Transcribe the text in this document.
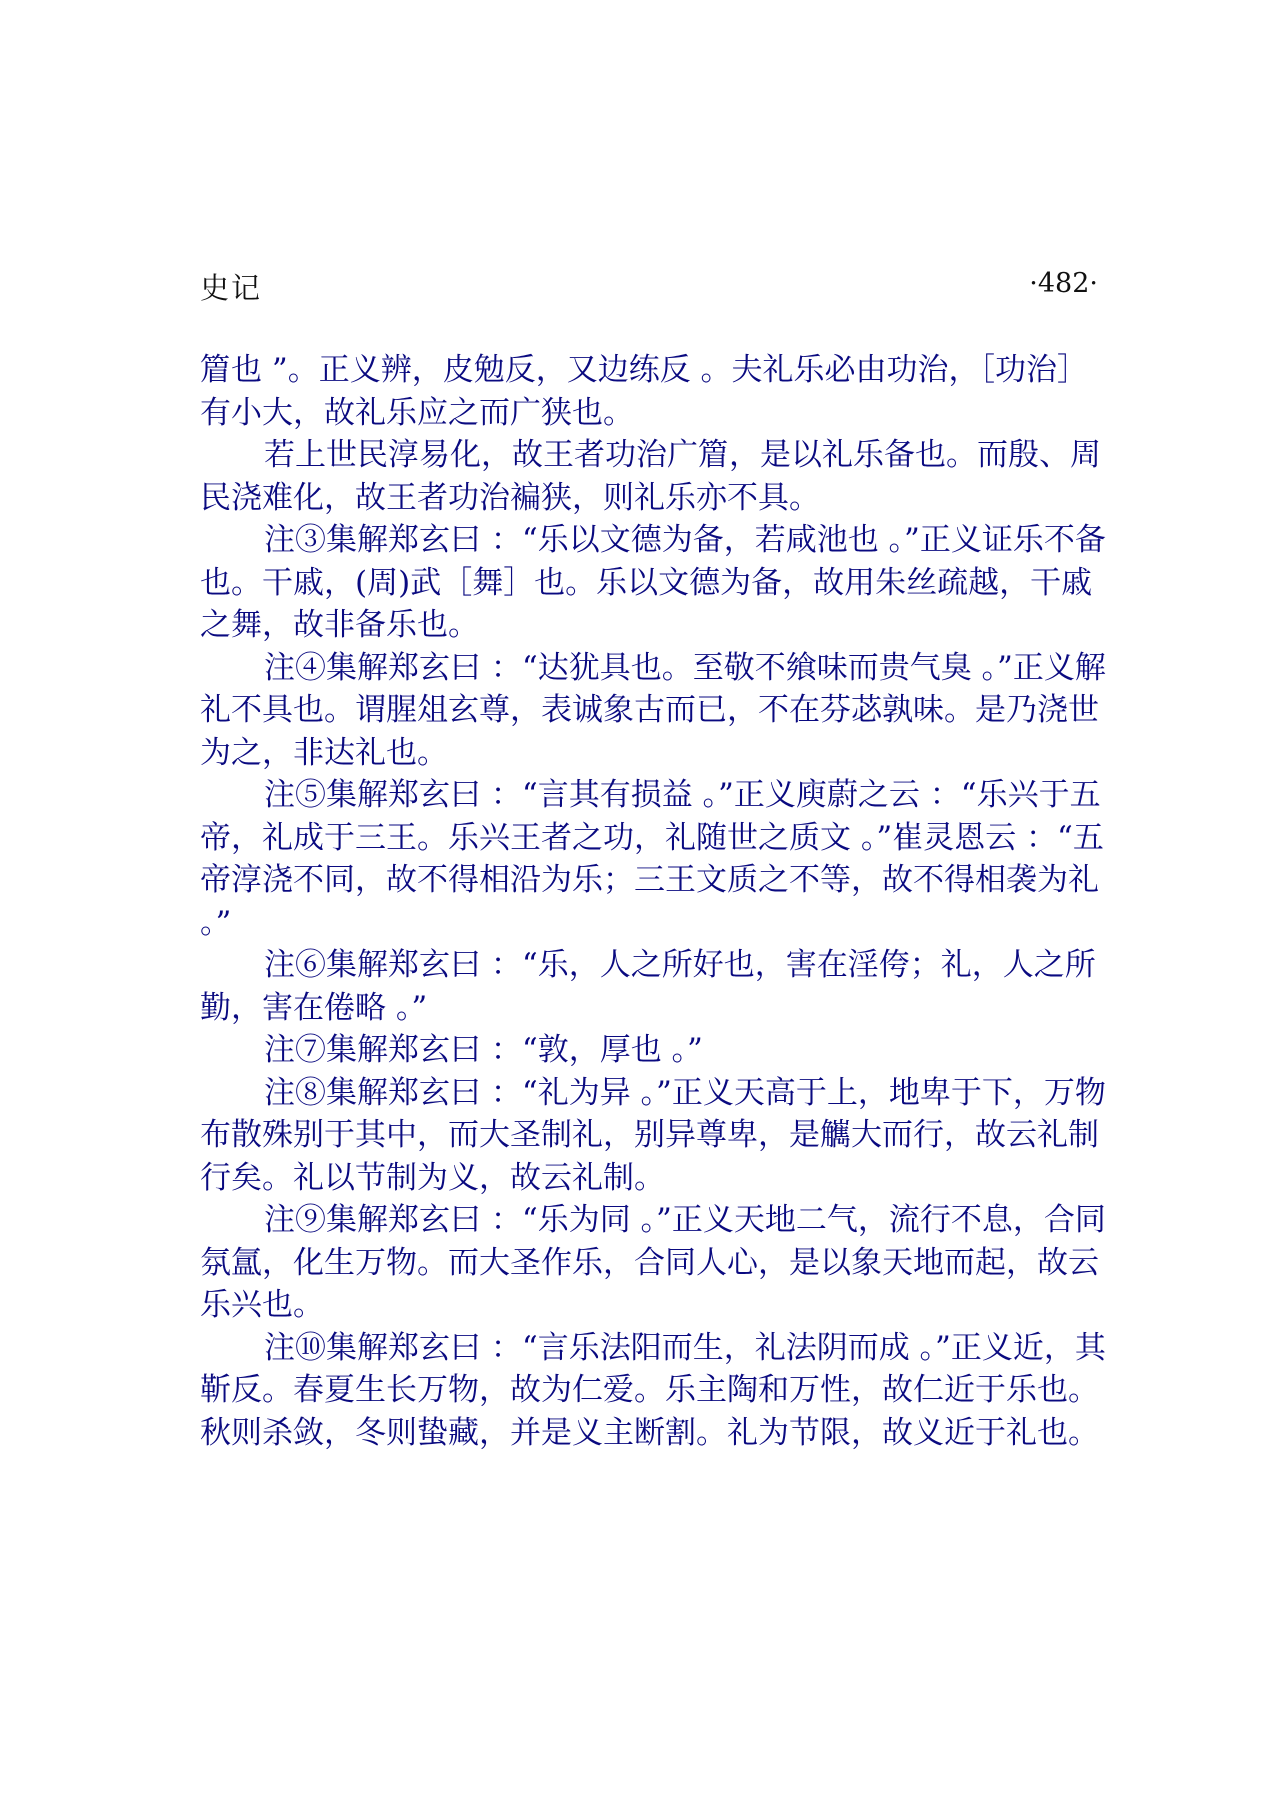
史记	·482·

篃也 ”。正义辨，皮勉反，又边练反 。夫礼乐必由功治，［功治］有小大，故礼乐应之而广狭也。

若上世民淳易化，故王者功治广篃，是以礼乐备也。而殷、周民浇难化，故王者功治褊狭，则礼乐亦不具。

注③集解郑玄曰 ：“乐以文德为备，若咸池也 。”正义证乐不备也。干戚，(周)武［舞］也。乐以文德为备，故用朱丝疏越，干戚之舞，故非备乐也。

注④集解郑玄曰 ：“达犹具也。至敬不飨味而贵气臭 。”正义解礼不具也。谓腥俎玄尊，表诚象古而已，不在芬苾孰味。是乃浇世为之，非达礼也。

注⑤集解郑玄曰 ：“言其有损益 。”正义庾蔚之云 ：“乐兴于五帝，礼成于三王。乐兴王者之功，礼随世之质文 。”崔灵恩云 ：“五帝淳浇不同，故不得相沿为乐；三王文质之不等，故不得相袭为礼 。”

注⑥集解郑玄曰 ：“乐，人之所好也，害在淫侉；礼，人之所勤，害在倦略 。”

注⑦集解郑玄曰 ：“敦，厚也 。”

注⑧集解郑玄曰 ：“礼为异 。”正义天高于上，地卑于下，万物布散殊别于其中，而大圣制礼，别异尊卑，是觽大而行，故云礼制行矣。礼以节制为义，故云礼制。

注⑨集解郑玄曰 ：“乐为同 。”正义天地二气，流行不息，合同氛氲，化生万物。而大圣作乐，合同人心，是以象天地而起，故云乐兴也。

注⑩集解郑玄曰 ：“言乐法阳而生，礼法阴而成 。”正义近，其靳反。春夏生长万物，故为仁爱。乐主陶和万性，故仁近于乐也。秋则杀敛，冬则蛰藏，并是义主断割。礼为节限，故义近于礼也。
